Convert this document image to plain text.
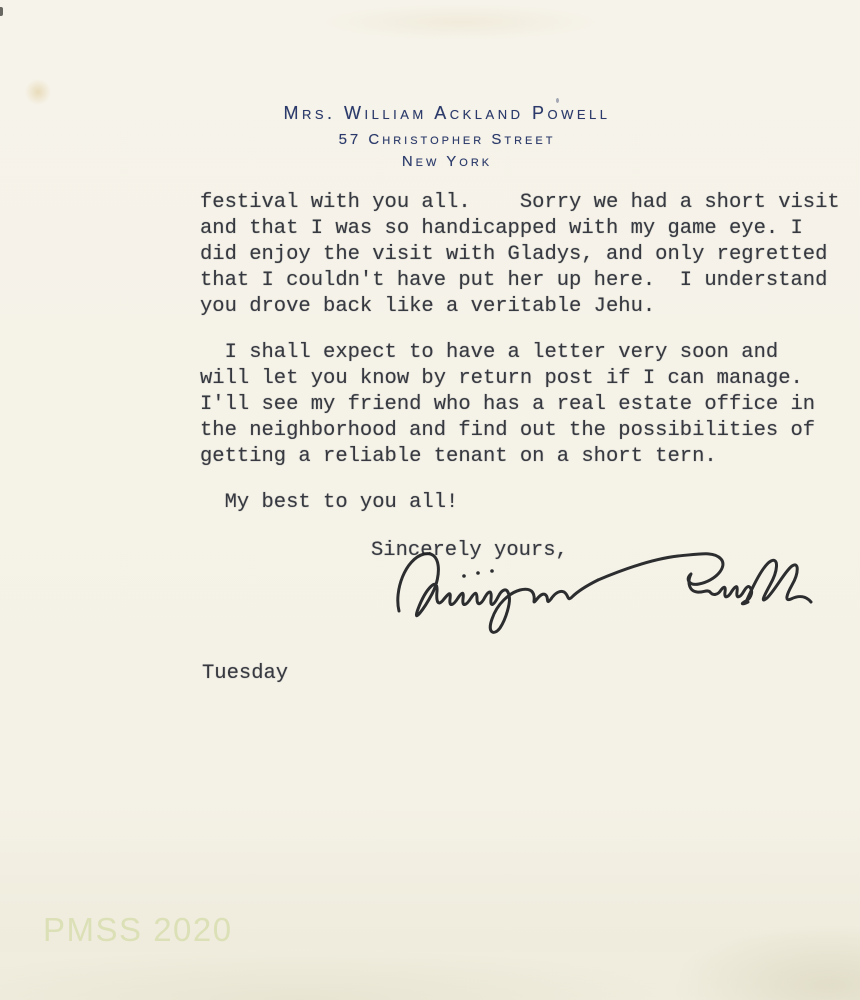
Mrs. William Ackland Powell
57 Christopher Street
New York
festival with you all.    Sorry we had a short visit
and that I was so handicapped with my game eye. I
did enjoy the visit with Gladys, and only regretted
that I couldn't have put her up here.  I understand
you drove back like a veritable Jehu.
I shall expect to have a letter very soon and
will let you know by return post if I can manage.
I'll see my friend who has a real estate office in
the neighborhood and find out the possibilities of
getting a reliable tenant on a short tern.
My best to you all!
Sincerely yours,
Tuesday
PMSS 2020
